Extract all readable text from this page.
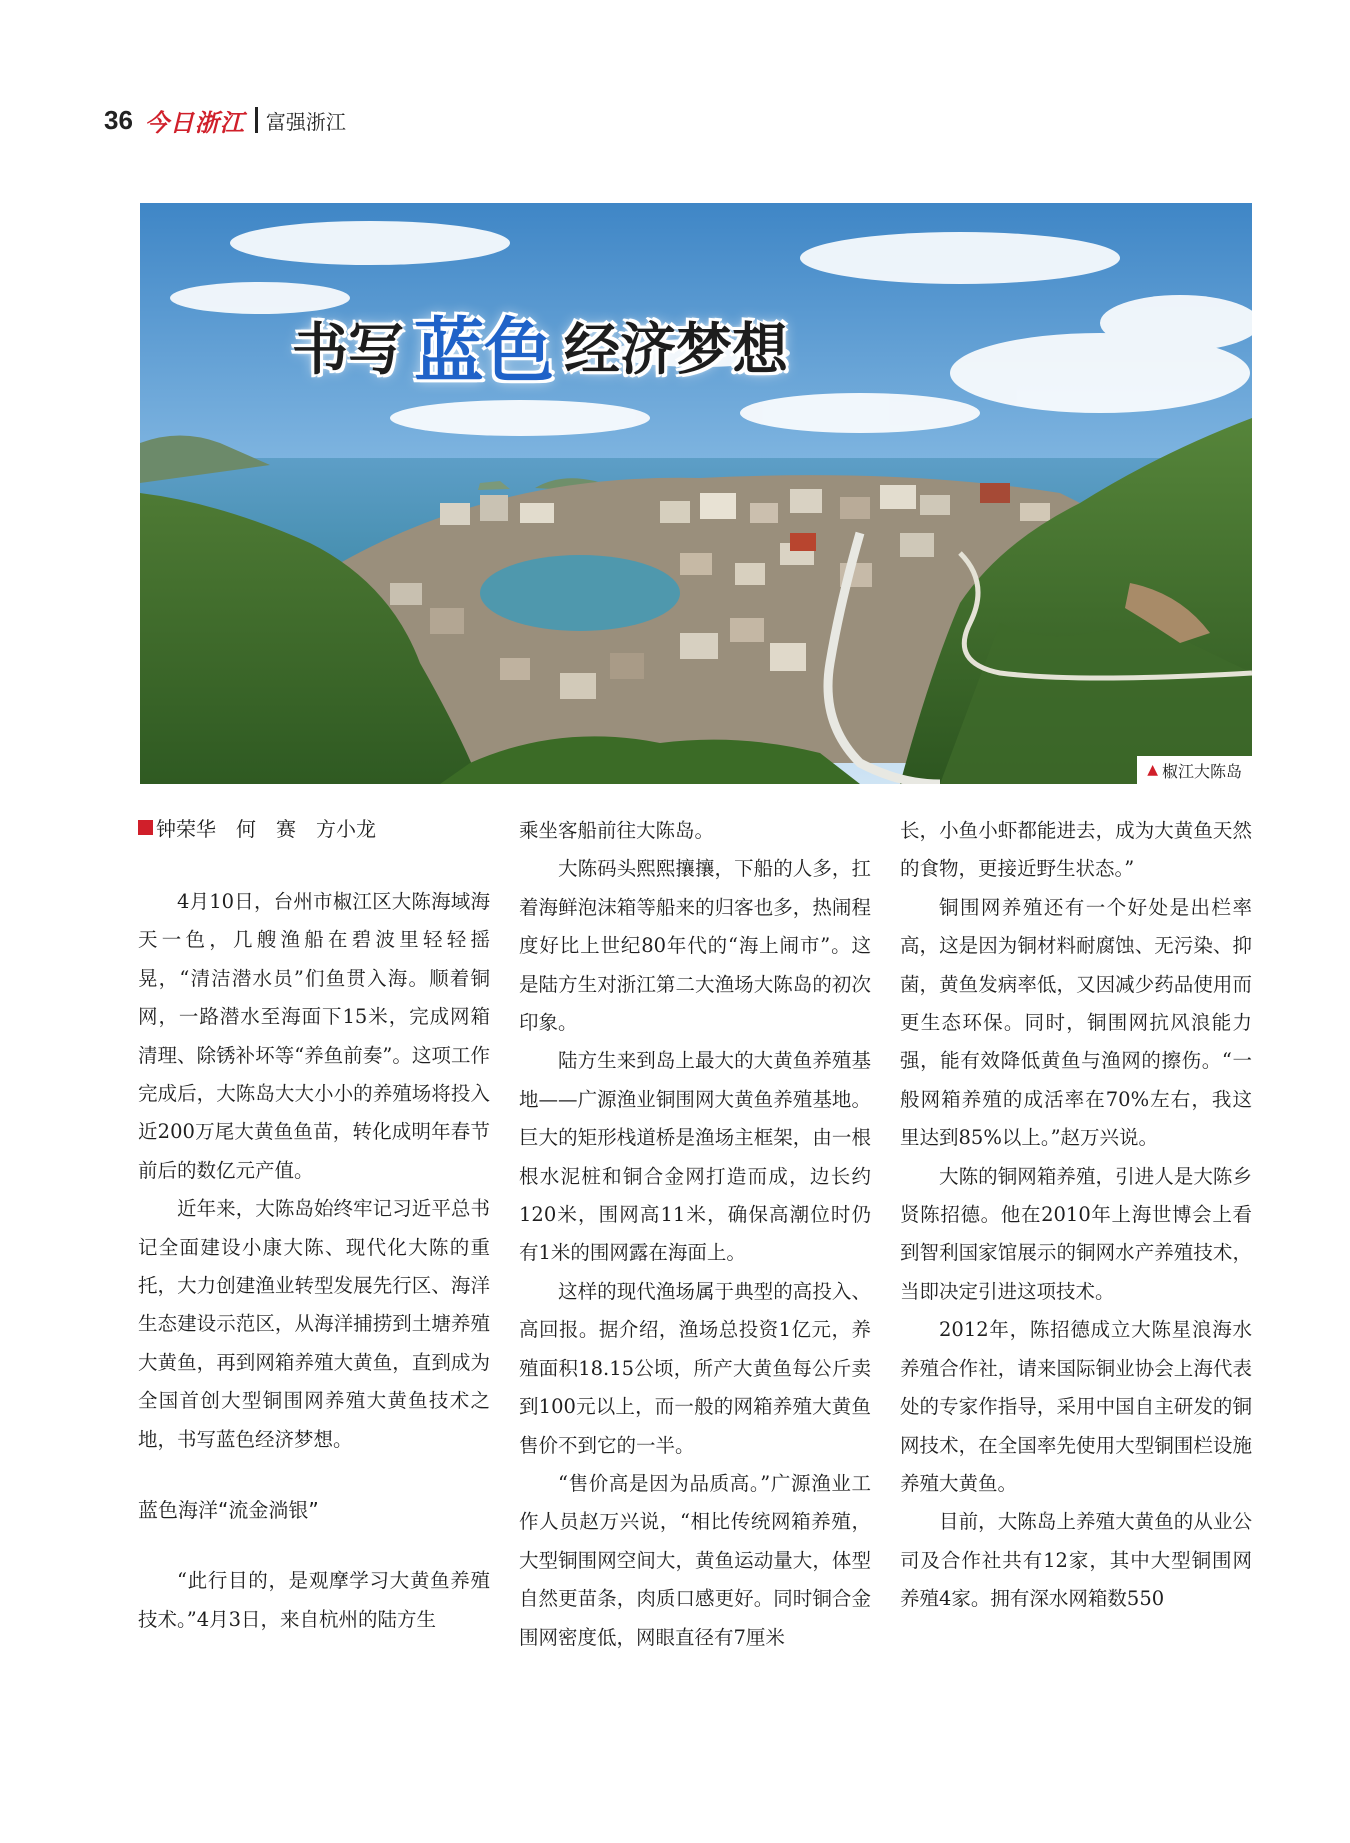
36 今日浙江 富强浙江
书写 蓝色 经济梦想
▲ 椒江大陈岛
钟荣华　何　赛　方小龙

4月10日，台州市椒江区大陈海域海天一色，几艘渔船在碧波里轻轻摇晃，“清洁潜水员”们鱼贯入海。顺着铜网，一路潜水至海面下15米，完成网箱清理、除锈补坏等“养鱼前奏”。这项工作完成后，大陈岛大大小小的养殖场将投入近200万尾大黄鱼鱼苗，转化成明年春节前后的数亿元产值。

近年来，大陈岛始终牢记习近平总书记全面建设小康大陈、现代化大陈的重托，大力创建渔业转型发展先行区、海洋生态建设示范区，从海洋捕捞到土塘养殖大黄鱼，再到网箱养殖大黄鱼，直到成为全国首创大型铜围网养殖大黄鱼技术之地，书写蓝色经济梦想。

蓝色海洋“流金淌银”

“此行目的，是观摩学习大黄鱼养殖技术。”4月3日，来自杭州的陆方生

乘坐客船前往大陈岛。

大陈码头熙熙攘攘，下船的人多，扛着海鲜泡沫箱等船来的归客也多，热闹程度好比上世纪80年代的“海上闹市”。这是陆方生对浙江第二大渔场大陈岛的初次印象。

陆方生来到岛上最大的大黄鱼养殖基地——广源渔业铜围网大黄鱼养殖基地。巨大的矩形栈道桥是渔场主框架，由一根根水泥桩和铜合金网打造而成，边长约120米，围网高11米，确保高潮位时仍有1米的围网露在海面上。

这样的现代渔场属于典型的高投入、高回报。据介绍，渔场总投资1亿元，养殖面积18.15公顷，所产大黄鱼每公斤卖到100元以上，而一般的网箱养殖大黄鱼售价不到它的一半。

“售价高是因为品质高。”广源渔业工作人员赵万兴说，“相比传统网箱养殖，大型铜围网空间大，黄鱼运动量大，体型自然更苗条，肉质口感更好。同时铜合金围网密度低，网眼直径有7厘米

长，小鱼小虾都能进去，成为大黄鱼天然的食物，更接近野生状态。”

铜围网养殖还有一个好处是出栏率高，这是因为铜材料耐腐蚀、无污染、抑菌，黄鱼发病率低，又因减少药品使用而更生态环保。同时，铜围网抗风浪能力强，能有效降低黄鱼与渔网的擦伤。“一般网箱养殖的成活率在70%左右，我这里达到85%以上。”赵万兴说。

大陈的铜网箱养殖，引进人是大陈乡贤陈招德。他在2010年上海世博会上看到智利国家馆展示的铜网水产养殖技术，当即决定引进这项技术。

2012年，陈招德成立大陈星浪海水养殖合作社，请来国际铜业协会上海代表处的专家作指导，采用中国自主研发的铜网技术，在全国率先使用大型铜围栏设施养殖大黄鱼。

目前，大陈岛上养殖大黄鱼的从业公司及合作社共有12家，其中大型铜围网养殖4家。拥有深水网箱数550
